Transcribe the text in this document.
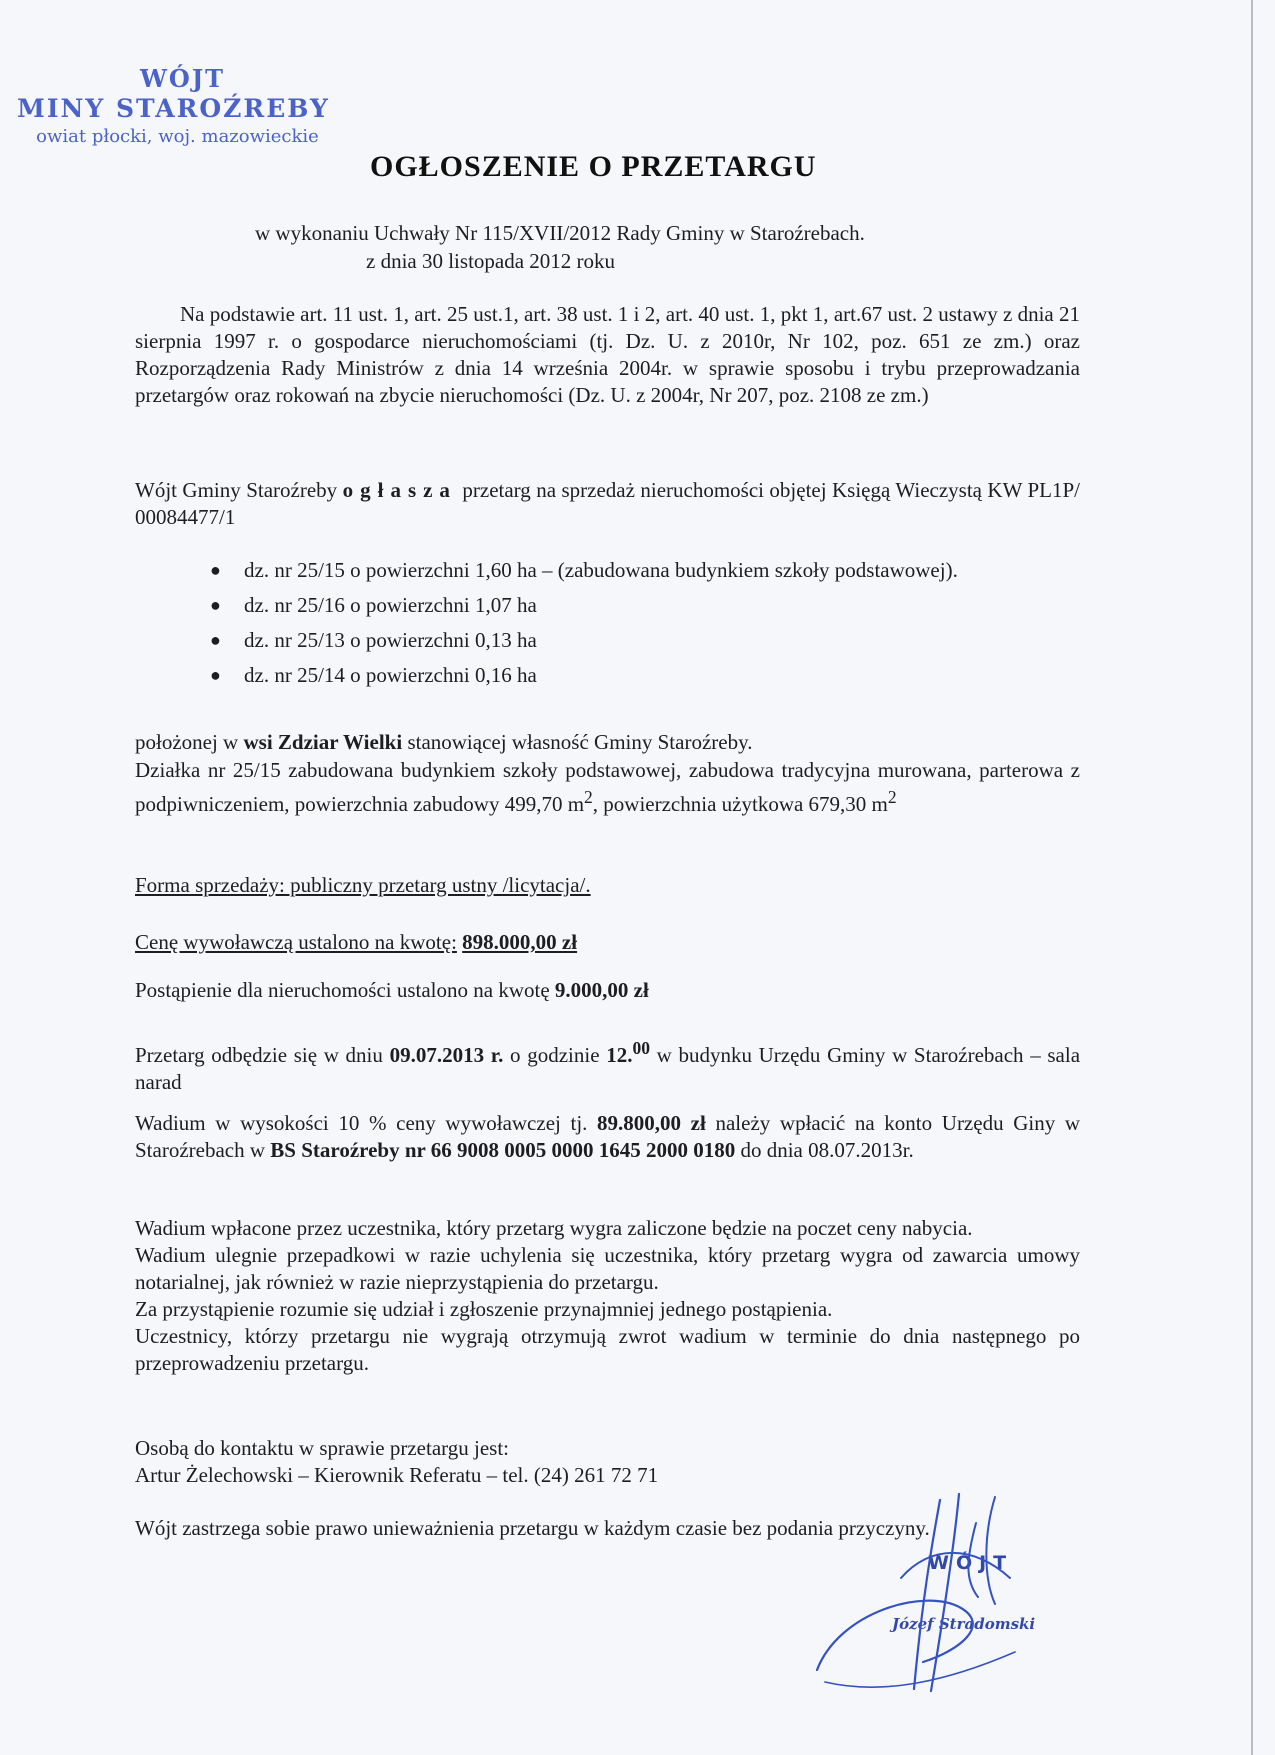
WÓJT
MINY STAROŹREBY
owiat płocki, woj. mazowieckie
OGŁOSZENIE O PRZETARGU
w wykonaniu Uchwały Nr 115/XVII/2012 Rady Gminy w Staroźrebach.
z dnia 30 listopada 2012 roku
Na podstawie art. 11 ust. 1, art. 25 ust.1, art. 38 ust. 1 i 2, art. 40 ust. 1, pkt 1, art.67 ust. 2 ustawy z dnia 21 sierpnia 1997 r. o gospodarce nieruchomościami (tj. Dz. U. z 2010r, Nr 102, poz. 651 ze zm.) oraz Rozporządzenia Rady Ministrów z dnia 14 września 2004r. w sprawie sposobu i trybu przeprowadzania przetargów oraz rokowań na zbycie nieruchomości (Dz. U. z 2004r, Nr 207, poz. 2108 ze zm.)
Wójt Gminy Staroźreby ogłasza przetarg na sprzedaż nieruchomości objętej Księgą Wieczystą KW PL1P/ 00084477/1
● dz. nr 25/15 o powierzchni 1,60 ha – (zabudowana budynkiem szkoły podstawowej).
● dz. nr 25/16 o powierzchni 1,07 ha
● dz. nr 25/13 o powierzchni 0,13 ha
● dz. nr 25/14 o powierzchni 0,16 ha
położonej w wsi Zdziar Wielki stanowiącej własność Gminy Staroźreby.
Działka nr 25/15 zabudowana budynkiem szkoły podstawowej, zabudowa tradycyjna murowana, parterowa z podpiwniczeniem, powierzchnia zabudowy 499,70 $m^2$, powierzchnia użytkowa 679,30 $m^2$
Forma sprzedaży: publiczny przetarg ustny /licytacja/.
Cenę wywoławczą ustalono na kwotę: 898.000,00 zł
Postąpienie dla nieruchomości ustalono na kwotę 9.000,00 zł
Przetarg odbędzie się w dniu 09.07.2013 r. o godzinie 12.00 w budynku Urzędu Gminy w Staroźrebach – sala narad
Wadium w wysokości 10 % ceny wywoławczej tj. 89.800,00 zł należy wpłacić na konto Urzędu Giny w Staroźrebach w BS Staroźreby nr 66 9008 0005 0000 1645 2000 0180 do dnia 08.07.2013r.
Wadium wpłacone przez uczestnika, który przetarg wygra zaliczone będzie na poczet ceny nabycia.
Wadium ulegnie przepadkowi w razie uchylenia się uczestnika, który przetarg wygra od zawarcia umowy notarialnej, jak również w razie nieprzystąpienia do przetargu.
Za przystąpienie rozumie się udział i zgłoszenie przynajmniej jednego postąpienia.
Uczestnicy, którzy przetargu nie wygrają otrzymują zwrot wadium w terminie do dnia następnego po przeprowadzeniu przetargu.
Osobą do kontaktu w sprawie przetargu jest:
Artur Żelechowski – Kierownik Referatu – tel. (24) 261 72 71
Wójt zastrzega sobie prawo unieważnienia przetargu w każdym czasie bez podania przyczyny.
WÓJT
Józef Stradomski
